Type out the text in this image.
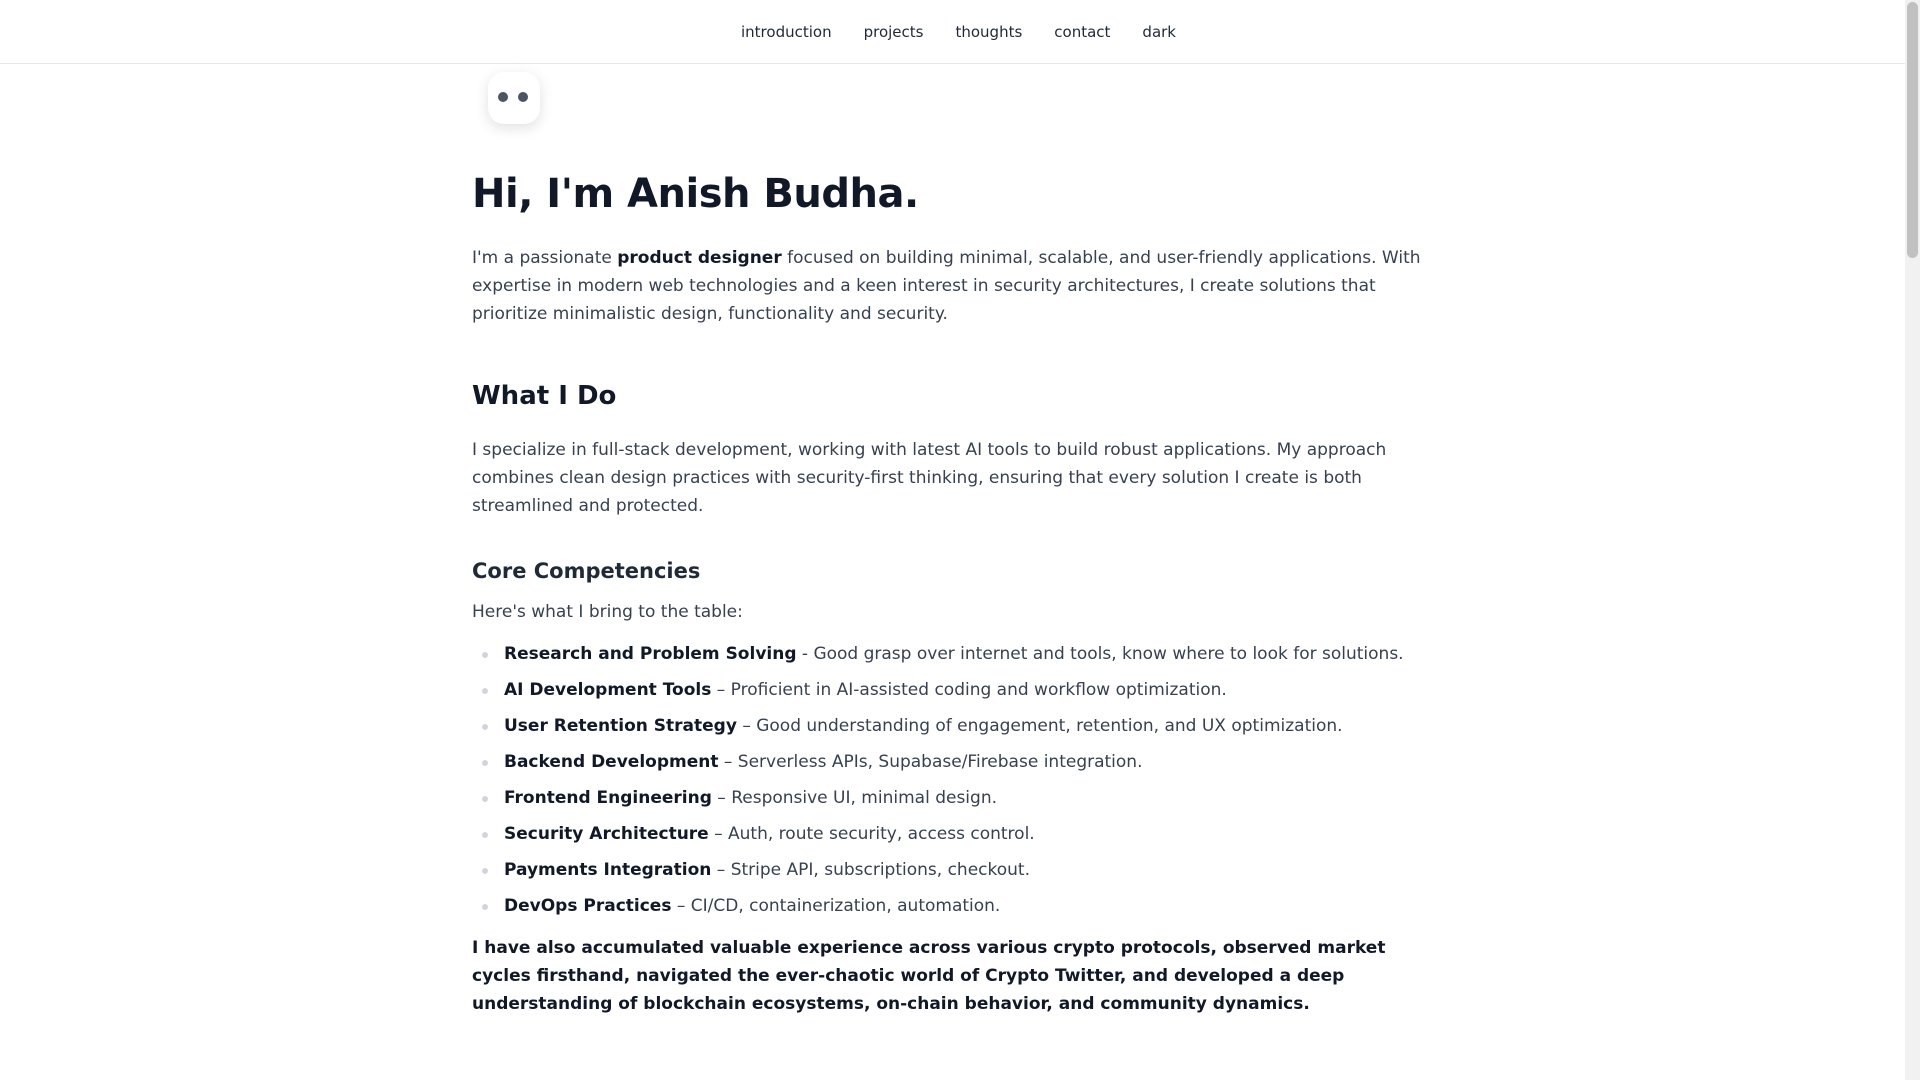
introduction projects thoughts contact dark
Hi, I'm Anish Budha.

I'm a passionate product designer focused on building minimal, scalable, and user-friendly applications. With expertise in modern web technologies and a keen interest in security architectures, I create solutions that prioritize minimalistic design, functionality and security.

What I Do

I specialize in full-stack development, working with latest AI tools to build robust applications. My approach combines clean design practices with security-first thinking, ensuring that every solution I create is both streamlined and protected.

Core Competencies

Here's what I bring to the table:

Research and Problem Solving - Good grasp over internet and tools, know where to look for solutions.
AI Development Tools – Proficient in AI-assisted coding and workflow optimization.
User Retention Strategy – Good understanding of engagement, retention, and UX optimization.
Backend Development – Serverless APIs, Supabase/Firebase integration.
Frontend Engineering – Responsive UI, minimal design.
Security Architecture – Auth, route security, access control.
Payments Integration – Stripe API, subscriptions, checkout.
DevOps Practices – CI/CD, containerization, automation.

I have also accumulated valuable experience across various crypto protocols, observed market cycles firsthand, navigated the ever-chaotic world of Crypto Twitter, and developed a deep understanding of blockchain ecosystems, on-chain behavior, and community dynamics.
